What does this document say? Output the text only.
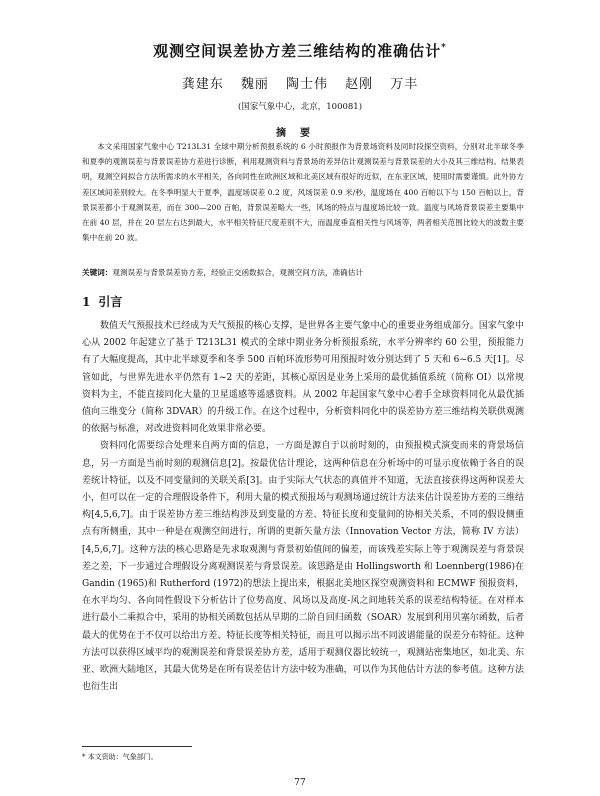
观测空间误差协方差三维结构的准确估计*
龚建东 魏丽 陶士伟 赵刚 万丰
(国家气象中心，北京，100081)
摘要

本文采用国家气象中心 T213L31 全球中期分析预报系统的 6 小时预报作为背景场资料及同时段探空资料，分别对北半球冬季和夏季的观测误差与背景误差协方差进行诊断，利用观测资料与背景场的差异估计观测误差与背景误差的大小及其三维结构。结果表明，观测空间拟合方法所需求的水平相关，各向同性在欧洲区域和北美区域有很好的近似，在东亚区域，使用时需要谨慎。此外协方差区域间差别较大。在冬季明显大于夏季，温度场误差 0.2 度，风场误差 0.9 米/秒，温度场在 400 百帕以下与 150 百帕以上，背景误差都小于观测误差，而在 300—200 百帕，背景误差略大一些，风场的特点与温度场比较一致。温度与风场背景误差主要集中在前 40 层，并在 20 层左右达到最大，水平相关特征尺度差别不大，而温度垂直相关性与风场等，两者相关范围比较大的波数主要集中在前 20 波。

关键词：观测误差与背景误差协方差，经验正交函数拟合，观测空间方法，准确估计
1 引言

数值天气预报技术已经成为天气预报的核心支撑，是世界各主要气象中心的重要业务组成部分。国家气象中心从 2002 年起建立了基于 T213L31 模式的全球中期业务分析预报系统，水平分辨率约 60 公里，预报能力有了大幅度提高，其中北半球夏季和冬季 500 百帕环流形势可用预报时效分别达到了 5 天和 6~6.5 天[1]。尽管如此，与世界先进水平仍然有 1~2 天的差距，其核心原因是业务上采用的最优插值系统（简称 OI）以常规资料为主，不能直接同化大量的卫星遥感等遥感资料。从 2002 年起国家气象中心着手全球资料同化从最优插值向三维变分（简称 3DVAR）的升级工作。在这个过程中，分析资料同化中的误差协方差三维结构关联供观测的依据与标准，对改进资料同化效果非常必要。

资料同化需要综合处理来自两方面的信息，一方面是源自于以前时刻的，由预报模式演变而来的背景场信息，另一方面是当前时刻的观测信息[2]。按最优估计理论，这两种信息在分析场中的可显示度依赖于各自的误差统计特征，以及不同变量间的关联关系[3]。由于实际大气状态的真值并不知道，无法直接获得这两种误差大小，但可以在一定的合理假设条件下，利用大量的模式预报场与观测场通过统计方法来估计误差协方差的三维结构[4,5,6,7]。由于误差协方差三维结构涉及到变量的方差、特征长度和变量间的协相关关系，不同的假设侧重点有所侧重，其中一种是在观测空间进行，所谓的更新矢量方法（Innovation Vector 方法，简称 IV 方法）[4,5,6,7]。这种方法的核心思路是先求取观测与背景初始值间的偏差，而该残差实际上等于观测误差与背景误差之差，下一步通过合理假设分离观测误差与背景误差。该思路是由 Hollingsworth 和 Loennberg(1986)在 Gandin (1965)和 Rutherford (1972)的想法上提出来，根据北美地区探空观测资料和 ECMWF 预报资料，在水平均匀、各向同性假设下分析估计了位势高度、风场以及高度-风之间地转关系的误差结构特征。在对样本进行最小二乘拟合中，采用的协相关函数包括从早期的二阶自回归函数（SOAR）发展到利用贝塞尔函数，后者最大的优势在于不仅可以给出方差、特征长度等相关特征，而且可以揭示出不同波谱能量的误差分布特征。这种方法可以获得区域平均的观测误差和背景误差协方差，适用于观测仪器比较统一，观测站密集地区，如北美、东亚、欧洲大陆地区，其最大优势是在所有误差估计方法中较为准确，可以作为其他估计方法的参考值。这种方法也衍生出

* 本文资助：气象部门。
77
